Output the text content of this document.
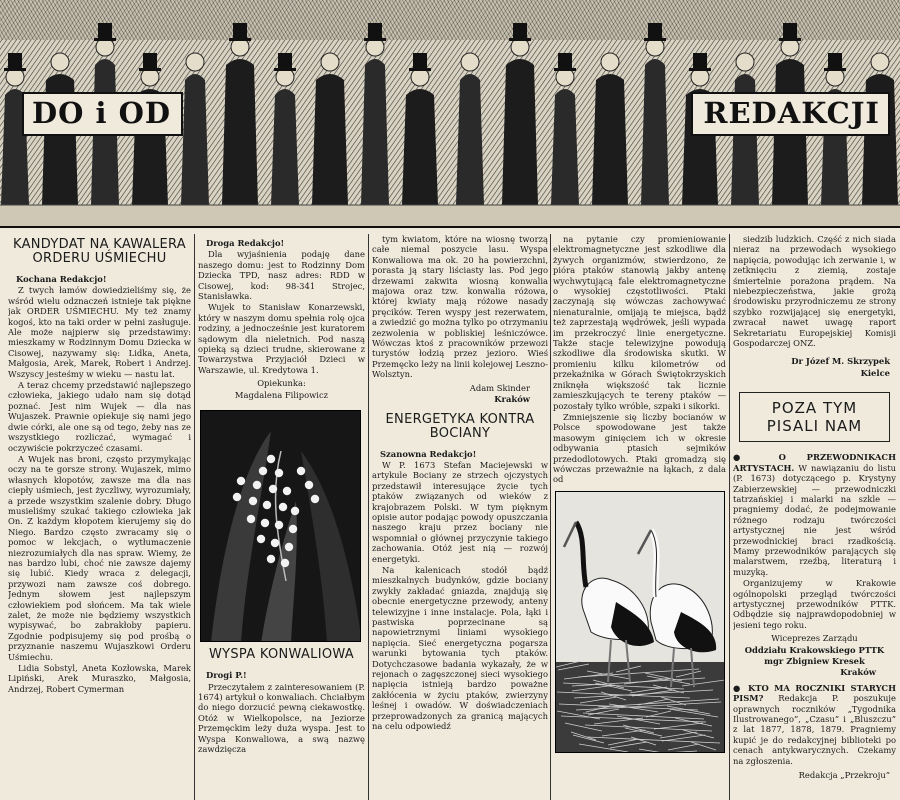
DO i OD	REDAKCJI
KANDYDAT NA KAWALERA ORDERU UŚMIECHU

Kochana Redakcjo!

Z twych łamów dowiedzieliśmy się, że wśród wielu odznaczeń istnieje tak piękne jak ORDER UŚMIECHU. My też znamy kogoś, kto na taki order w pełni zasługuje. Ale może najpierw się przedstawimy: mieszkamy w Rodzinnym Domu Dziecka w Cisowej, nazywamy się: Lidka, Aneta, Małgosia, Arek, Marek, Robert i Andrzej. Wszyscy jesteśmy w wieku — nastu lat.

A teraz chcemy przedstawić najlepszego człowieka, jakiego udało nam się dotąd poznać. Jest nim Wujek — dla nas Wujaszek. Prawnie opiekuje się nami jego dwie córki, ale one są od tego, żeby nas ze wszystkiego rozliczać, wymagać i oczywiście pokrzyczeć czasami.

A Wujek nas broni, często przymykając oczy na te gorsze strony. Wujaszek, mimo własnych kłopotów, zawsze ma dla nas ciepły uśmiech, jest życzliwy, wyrozumiały, a przede wszystkim szalenie dobry. Długo musieliśmy szukać takiego człowieka jak On. Z każdym kłopotem kierujemy się do Niego. Bardzo często zwracamy się o pomoc w lekcjach, o wytłumaczenie niezrozumiałych dla nas spraw. Wiemy, że nas bardzo lubi, choć nie zawsze dajemy się lubić. Kiedy wraca z delegacji, przywozi nam zawsze coś dobrego. Jednym słowem jest najlepszym człowiekiem pod słońcem. Ma tak wiele zalet, że może nie będziemy wszystkich wypisywać, bo zabrakłoby papieru. Zgodnie podpisujemy się pod prośbą o przyznanie naszemu Wujaszkowi Orderu Uśmiechu.

Lidia Sobstyl, Aneta Kozłowska, Marek Lipiński, Arek Muraszko, Małgosia, Andrzej, Robert Cymerman

Droga Redakcjo!

Dla wyjaśnienia podaję dane naszego domu: jest to Rodzinny Dom Dziecka TPD, nasz adres: RDD w Cisowej, kod: 98-341 Strojec, Stanisławka.

Wujek to Stanisław Konarzewski, który w naszym domu spełnia rolę ojca rodziny, a jednocześnie jest kuratorem sądowym dla nieletnich. Pod naszą opieką są dzieci trudne, skierowane z Towarzystwa Przyjaciół Dzieci w Warszawie, ul. Kredytowa 1.

Opiekunka:

Magdalena Filipowicz

WYSPA KONWALIOWA

Drogi P.!

Przeczytałem z zainteresowaniem (P. 1674) artykuł o konwaliach. Chciałbym do niego dorzucić pewną ciekawostkę. Otóż w Wielkopolsce, na Jeziorze Przemęckim leży duża wyspa. Jest to Wyspa Konwaliowa, a swą nazwę zawdzięcza

tym kwiatom, które na wiosnę tworzą całe niemal poszycie lasu. Wyspa Konwaliowa ma ok. 20 ha powierzchni, porasta ją stary liściasty las. Pod jego drzewami zakwita wiosną konwalia majowa oraz tzw. konwalia różowa, której kwiaty mają różowe nasady pręcików. Teren wyspy jest rezerwatem, a zwiedzić go można tylko po otrzymaniu zezwolenia w pobliskiej leśniczówce. Wówczas ktoś z pracowników przewozi turystów łodzią przez jezioro. Wieś Przemęcko leży na linii kolejowej Leszno-Wolsztyn.

Adam Skinder

Kraków

ENERGETYKA KONTRA BOCIANY

Szanowna Redakcjo!

W P. 1673 Stefan Maciejewski w artykule Bociany ze strzech ojczystych przedstawił interesujące życie tych ptaków związanych od wieków z krajobrazem Polski. W tym pięknym opisie autor podając powody opuszczania naszego kraju przez bociany nie wspomniał o głównej przyczynie takiego zachowania. Otóż jest nią — rozwój energetyki.

Na kalenicach stodół bądź mieszkalnych budynków, gdzie bociany zwykły zakładać gniazda, znajdują się obecnie energetyczne przewody, anteny telewizyjne i inne instalacje. Pola, łąki i pastwiska poprzecinane są napowietrznymi liniami wysokiego napięcia. Sieć energetyczna pogarsza warunki bytowania tych ptaków. Dotychczasowe badania wykazały, że w rejonach o zagęszczonej sieci wysokiego napięcia istnieją bardzo poważne zakłócenia w życiu ptaków, zwierzyny leśnej i owadów. W doświadczeniach przeprowadzonych za granicą mających na celu odpowiedź

na pytanie czy promieniowanie elektromagnetyczne jest szkodliwe dla żywych organizmów, stwierdzono, że pióra ptaków stanowią jakby antenę wychwytującą fale elektromagnetyczne o wysokiej częstotliwości. Ptaki zaczynają się wówczas zachowywać nienaturalnie, omijają te miejsca, bądź też zaprzestają wędrówek, jeśli wypada im przekroczyć linie energetyczne. Także stacje telewizyjne powodują szkodliwe dla środowiska skutki. W promieniu kilku kilometrów od przekaźnika w Górach Świętokrzyskich zniknęła większość tak licznie zamieszkujących te tereny ptaków — pozostały tylko wróble, szpaki i sikorki.

Zmniejszenie się liczby bocianów w Polsce spowodowane jest także masowym ginięciem ich w okresie odbywania ptasich sejmików przedodlotowych. Ptaki gromadzą się wówczas przeważnie na łąkach, z dala od

siedzib ludzkich. Część z nich siada nieraz na przewodach wysokiego napięcia, powodując ich zerwanie i, w zetknięciu z ziemią, zostaje śmiertelnie porażona prądem. Na niebezpieczeństwa, jakie grożą środowisku przyrodniczemu ze strony szybko rozwijającej się energetyki, zwracał nawet uwagę raport Sekretariatu Europejskiej Komisji Gospodarczej ONZ.

Dr Józef M. Skrzypek

Kielce

POZA TYM PISALI NAM

● O PRZEWODNIKACH ARTYSTACH. W nawiązaniu do listu (P. 1673) dotyczącego p. Krystyny Zabierzewskiej — przewodniczki tatrzańskiej i malarki na szkle — pragniemy dodać, że podejmowanie różnego rodzaju twórczości artystycznej nie jest wśród przewodnickiej braci rzadkością. Mamy przewodników parających się malarstwem, rzeźbą, literaturą i muzyką.

Organizujemy w Krakowie ogólnopolski przegląd twórczości artystycznej przewodników PTTK. Odbędzie się najprawdopodobniej w jesieni tego roku.

Wiceprezes Zarządu

Oddziału Krakowskiego PTTK

mgr Zbigniew Kresek

Kraków

● KTO MA ROCZNIKI STARYCH PISM? Redakcja P. poszukuje oprawnych roczników „Tygodnika Ilustrowanego”, „Czasu” i „Bluszczu” z lat 1877, 1878, 1879. Pragniemy kupić je do redakcyjnej biblioteki po cenach antykwarycznych. Czekamy na zgłoszenia.

Redakcja „Przekroju”
